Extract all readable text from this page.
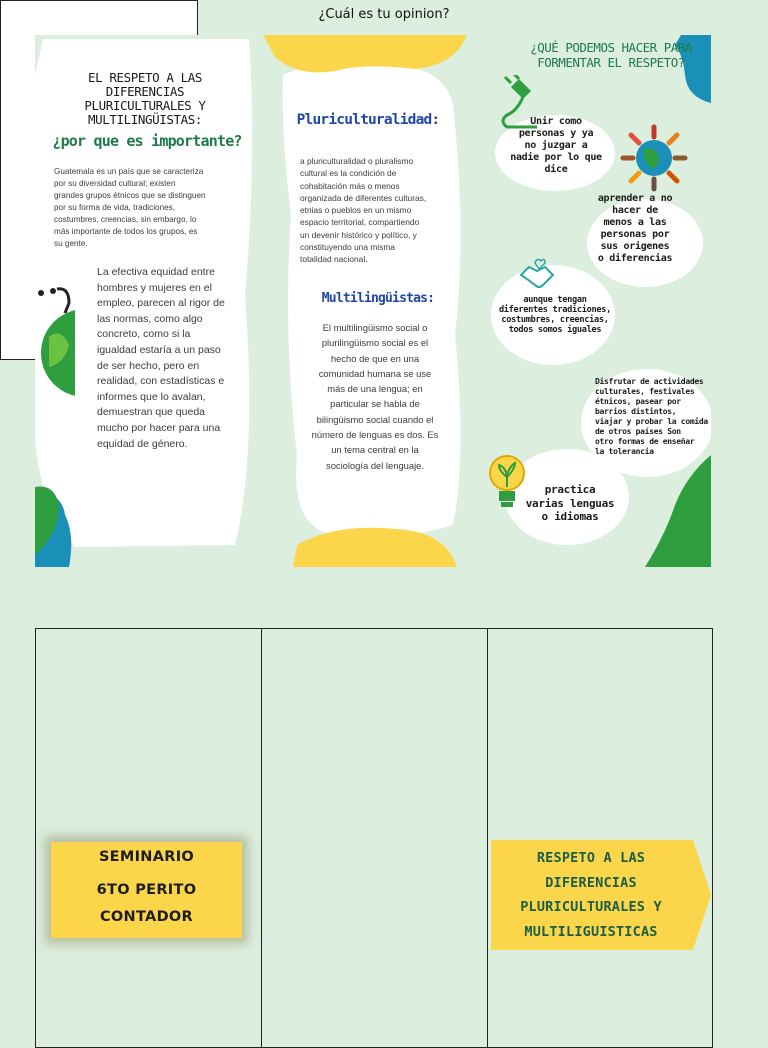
EL RESPETO A LAS DIFERENCIAS
PLURICULTURALES Y
MULTILINGÜISTAS:
¿por que es importante?
Guatemala es un país que se caracteriza
por su diversidad cultural; existen
grandes grupos étnicos que se distinguen
por su forma de vida, tradiciones,
costumbres, creencias, sin embargo, lo
más importante de todos los grupos, es
su gente.
La efectiva equidad entre
hombres y mujeres en el
empleo, parecen al rigor de
las normas, como algo
concreto, como si la
igualdad estaría a un paso
de ser hecho, pero en
realidad, con estadísticas e
informes que lo avalan,
demuestran que queda
mucho por hacer para una
equidad de género.
Pluriculturalidad:
a pluriculturalidad o pluralismo
cultural es la condición de
cohabitación más o menos
organizada de diferentes culturas,
etnias o pueblos en un mismo
espacio territorial, compartiendo
un devenir histórico y político, y
constituyendo una misma
totalidad nacional.
Multilingüistas:
El multilingüismo social o
plurilingüismo social es el
hecho de que en una
comunidad humana se use
más de una lengua; en
particular se habla de
bilingüismo social cuando el
número de lenguas es dos. Es
un tema central en la
sociología del lenguaje.
¿QUÉ PODEMOS HACER PARA
FORMENTAR EL RESPETO?
Unir como
personas y ya
no juzgar a
nadie por lo que
dice
aprender a no
hacer de
menos a las
personas por
sus origenes
o diferencias
aunque tengan
diferentes tradiciones,
costumbres, creencias,
todos somos iguales
Disfrutar de actividades
culturales, festivales
étnicos, pasear por
barrios distintos,
viajar y probar la comida
de otros países Son
otro formas de enseñar
la tolerancia
practica
varias lenguas
o idiomas
¿Cuál es tu opinion?
SEMINARIO
6TO PERITO
CONTADOR
RESPETO A LAS
DIFERENCIAS
PLURICULTURALES Y
MULTILIGUISTICAS
